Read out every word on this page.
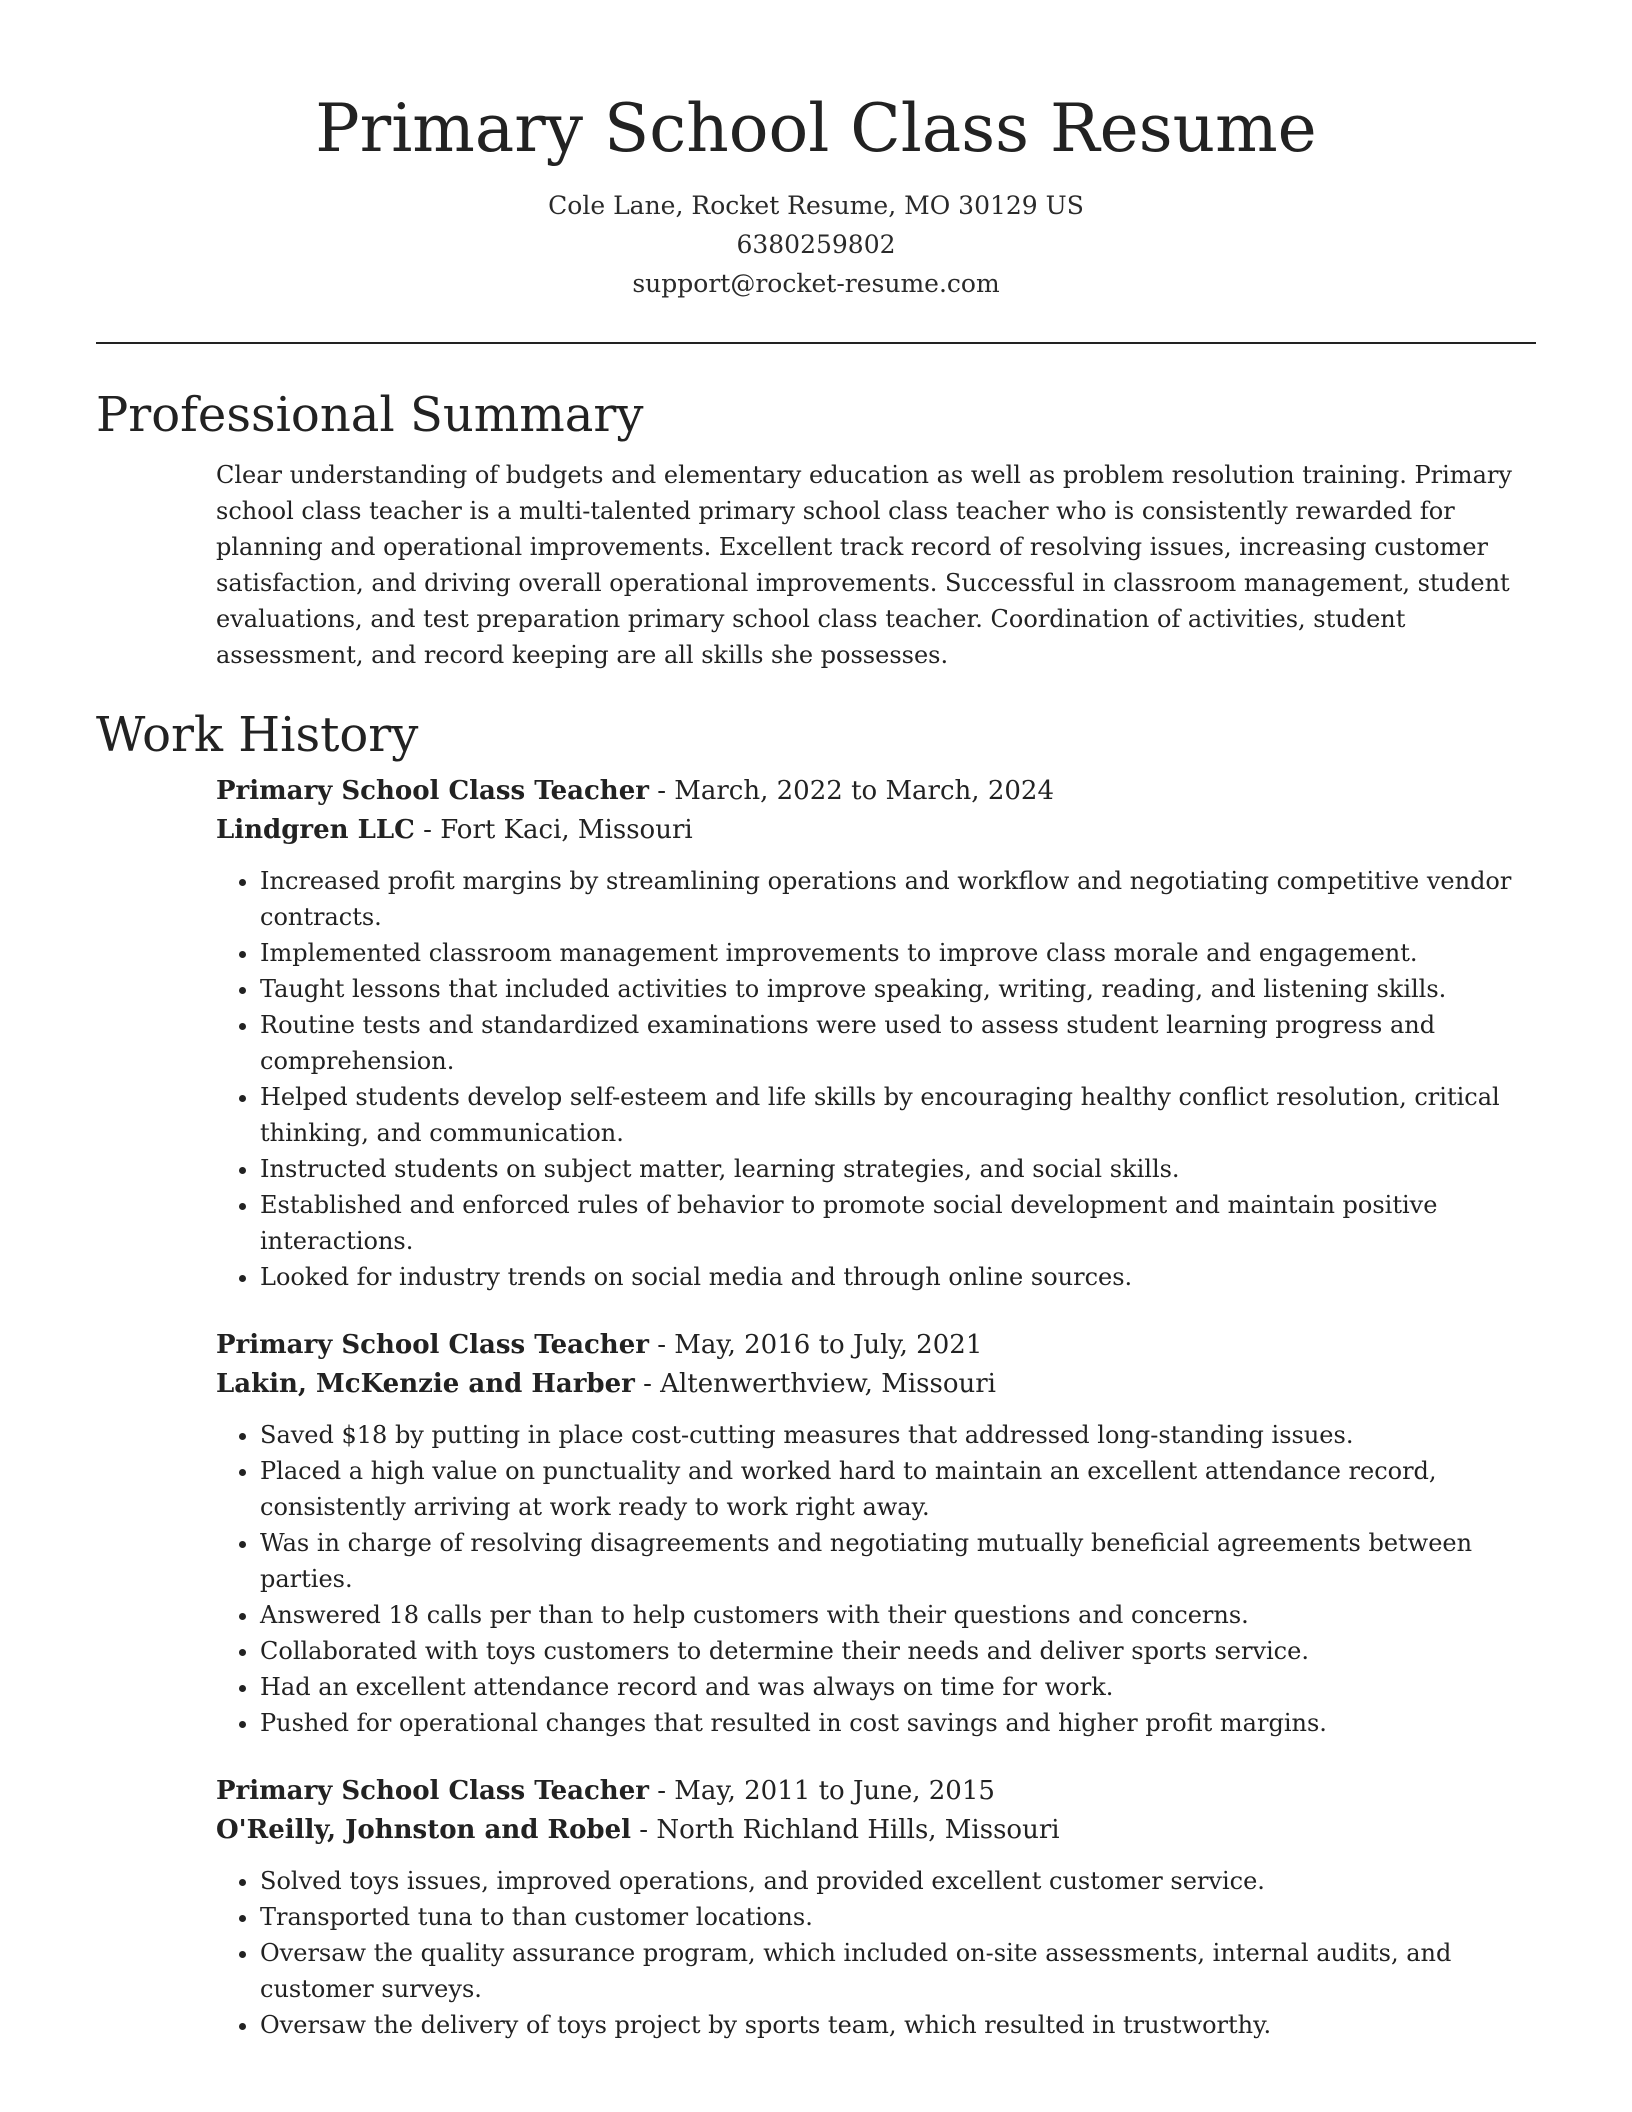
Primary School Class Resume
Cole Lane, Rocket Resume, MO 30129 US
6380259802
support@rocket-resume.com
Professional Summary

Clear understanding of budgets and elementary education as well as problem resolution training. Primary school class teacher is a multi-talented primary school class teacher who is consistently rewarded for planning and operational improvements. Excellent track record of resolving issues, increasing customer satisfaction, and driving overall operational improvements. Successful in classroom management, student evaluations, and test preparation primary school class teacher. Coordination of activities, student assessment, and record keeping are all skills she possesses.

Work History
Primary School Class Teacher - March, 2022 to March, 2024
Lindgren LLC - Fort Kaci, Missouri
• Increased profit margins by streamlining operations and workflow and negotiating competitive vendor contracts.
• Implemented classroom management improvements to improve class morale and engagement.
• Taught lessons that included activities to improve speaking, writing, reading, and listening skills.
• Routine tests and standardized examinations were used to assess student learning progress and comprehension.
• Helped students develop self-esteem and life skills by encouraging healthy conflict resolution, critical thinking, and communication.
• Instructed students on subject matter, learning strategies, and social skills.
• Established and enforced rules of behavior to promote social development and maintain positive interactions.
• Looked for industry trends on social media and through online sources.
Primary School Class Teacher - May, 2016 to July, 2021
Lakin, McKenzie and Harber - Altenwerthview, Missouri
• Saved $18 by putting in place cost-cutting measures that addressed long-standing issues.
• Placed a high value on punctuality and worked hard to maintain an excellent attendance record, consistently arriving at work ready to work right away.
• Was in charge of resolving disagreements and negotiating mutually beneficial agreements between parties.
• Answered 18 calls per than to help customers with their questions and concerns.
• Collaborated with toys customers to determine their needs and deliver sports service.
• Had an excellent attendance record and was always on time for work.
• Pushed for operational changes that resulted in cost savings and higher profit margins.
Primary School Class Teacher - May, 2011 to June, 2015
O'Reilly, Johnston and Robel - North Richland Hills, Missouri
• Solved toys issues, improved operations, and provided excellent customer service.
• Transported tuna to than customer locations.
• Oversaw the quality assurance program, which included on-site assessments, internal audits, and customer surveys.
• Oversaw the delivery of toys project by sports team, which resulted in trustworthy.
